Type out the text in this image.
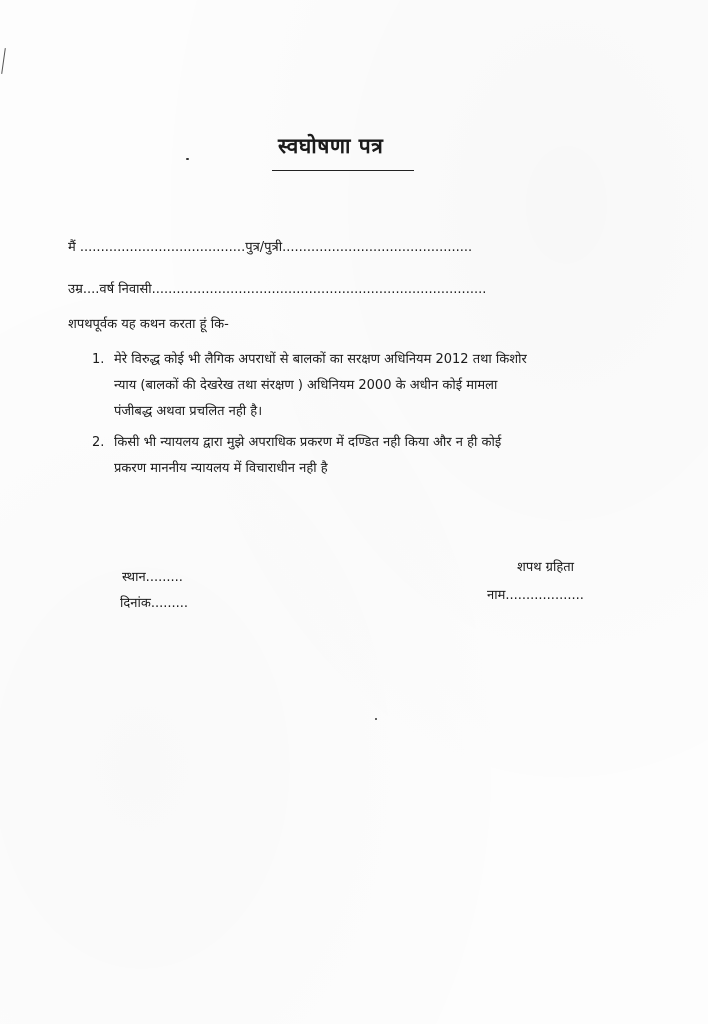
स्वघोषणा पत्र
मैं ........................................पुत्र/पुत्री..............................................
उम्र....वर्ष निवासी.................................................................................
शपथपूर्वक यह कथन करता हूं कि-
1. मेरे विरुद्ध कोई भी लैगिक अपराधों से बालकों का सरक्षण अधिनियम 2012 तथा किशोर
न्याय (बालकों की देखरेख तथा संरक्षण ) अधिनियम 2000 के अधीन कोई मामला
पंजीबद्ध अथवा प्रचलित नही है।
2. किसी भी न्यायलय द्वारा मुझे अपराधिक प्रकरण में दण्डित नही किया और न ही कोई
प्रकरण माननीय न्यायलय में विचाराधीन नही है
स्थान.........
दिनांक.........
शपथ ग्रहिता
नाम...................
